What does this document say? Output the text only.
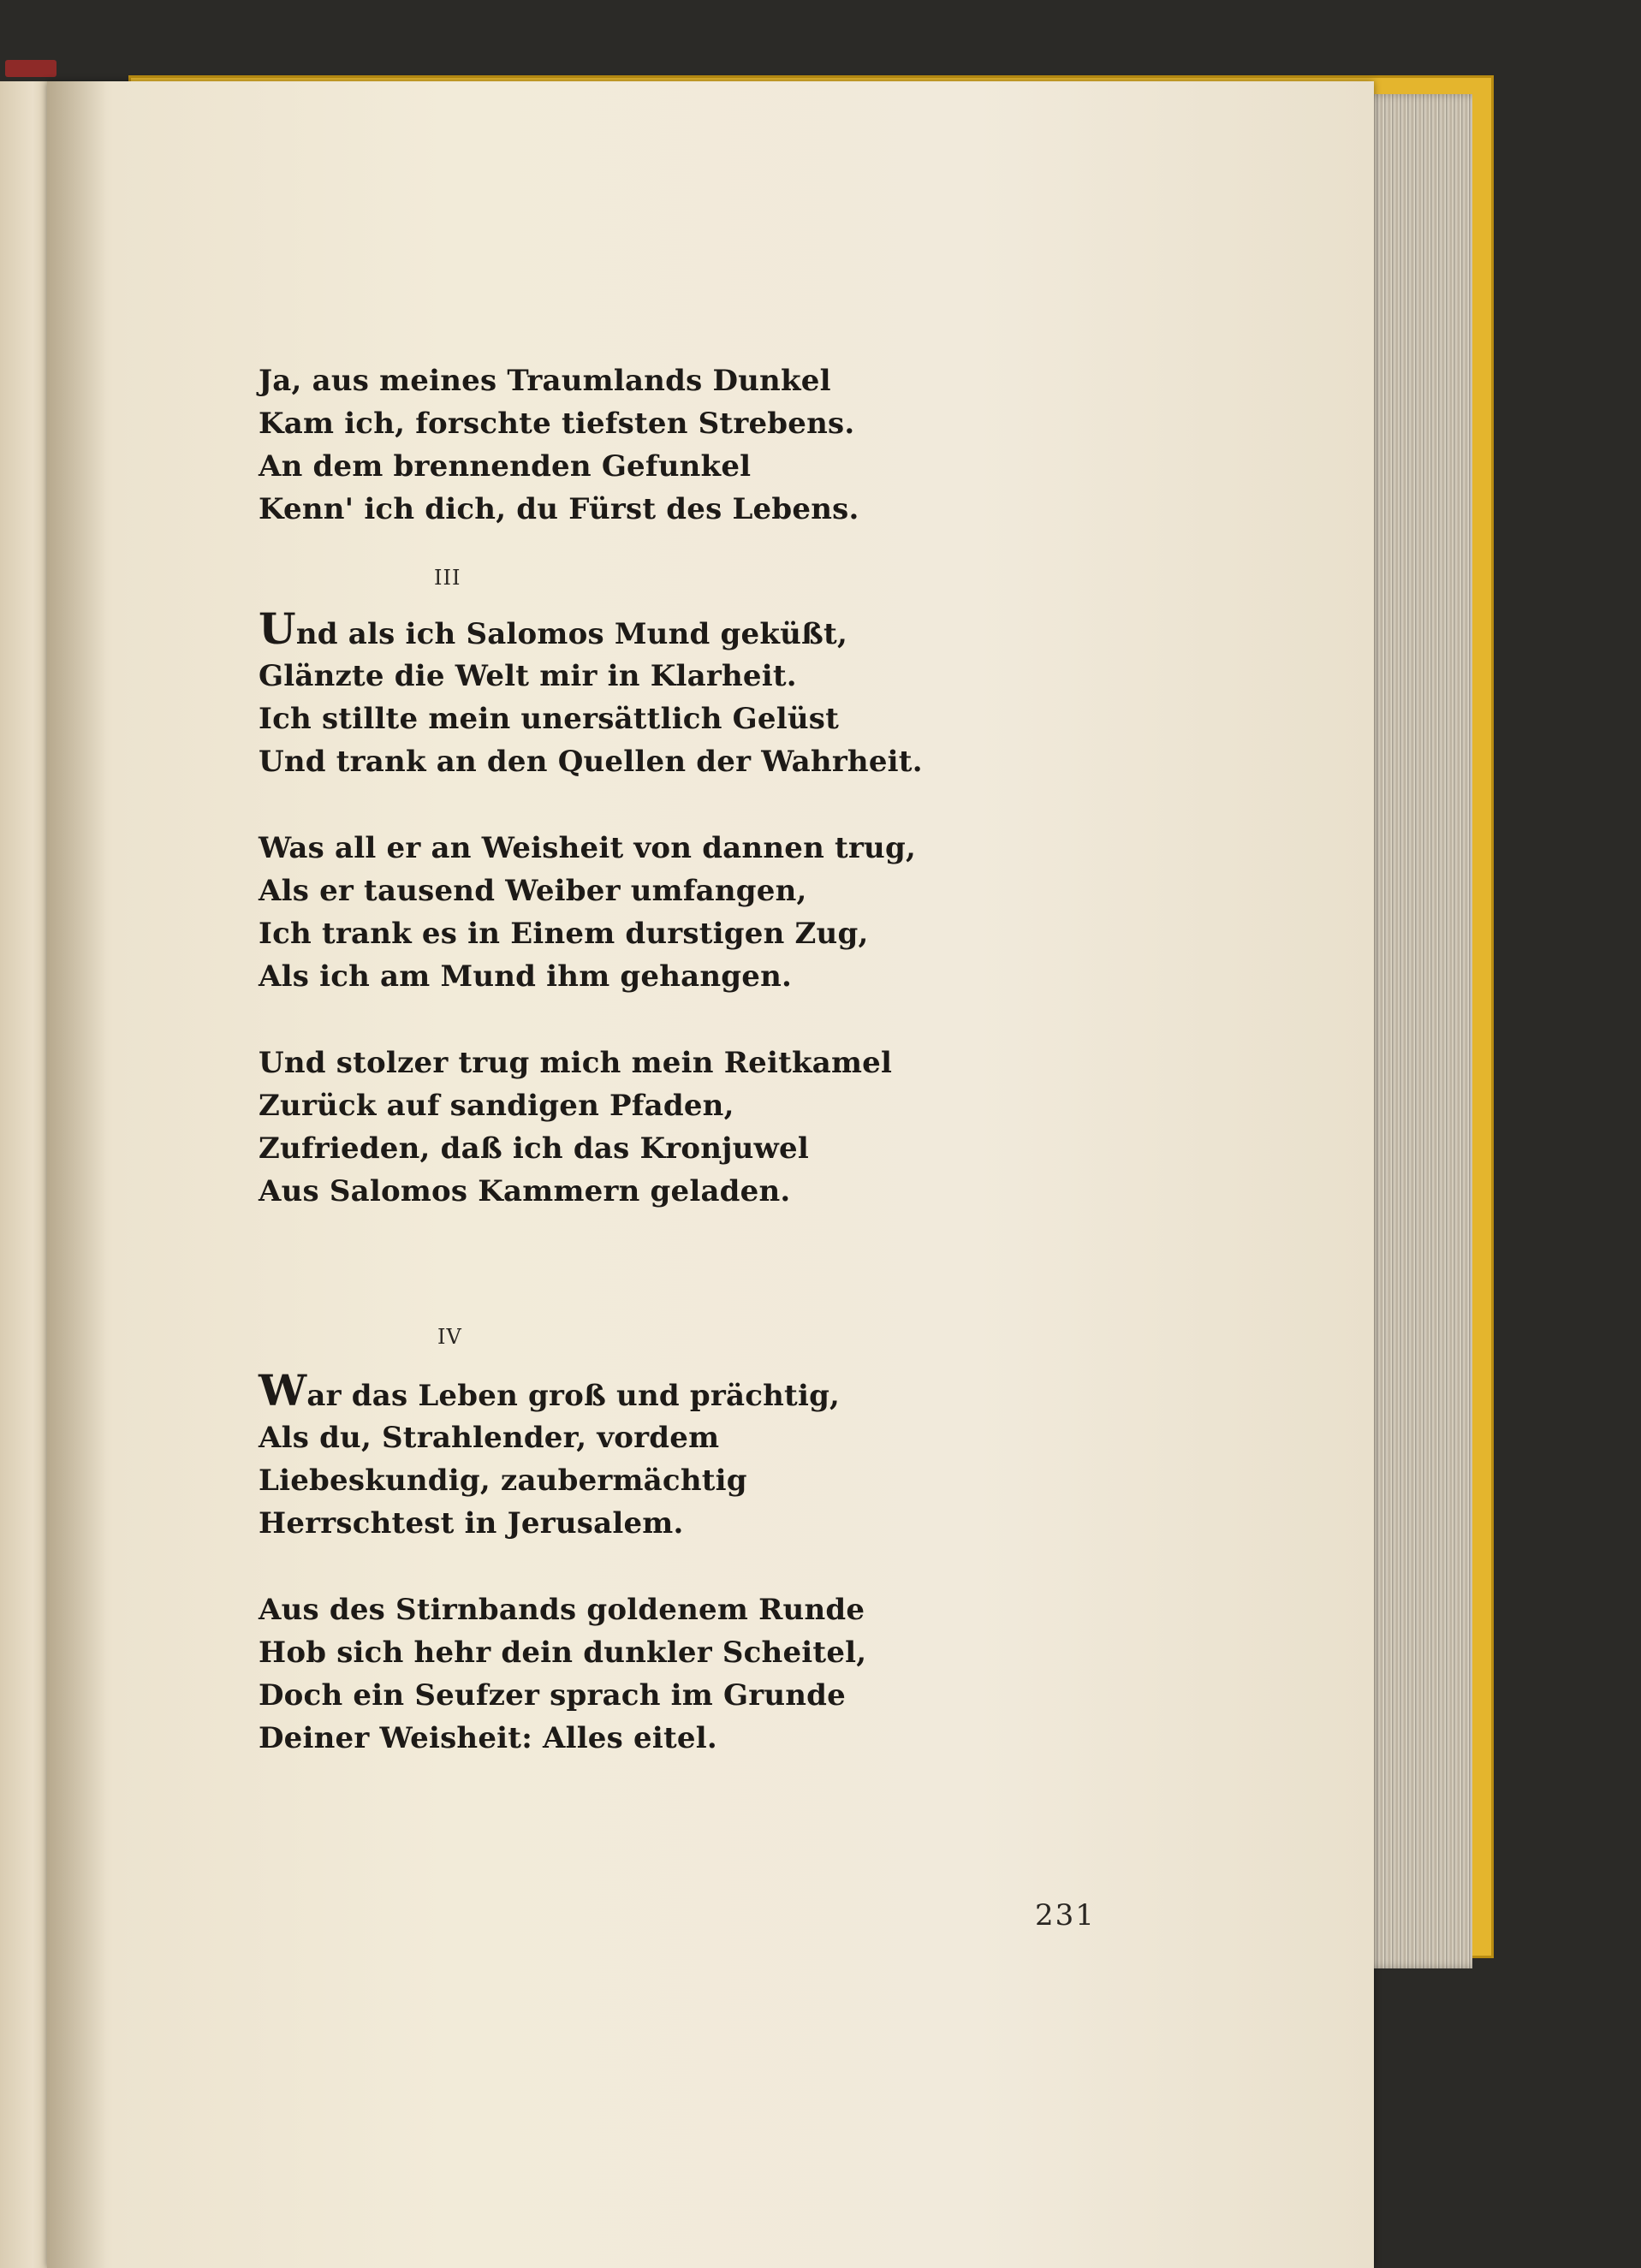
Ja, aus meines Traumlands Dunkel
Kam ich, forschte tiefsten Strebens.
An dem brennenden Gefunkel
Kenn' ich dich, du Fürst des Lebens.
III
Und als ich Salomos Mund geküßt,
Glänzte die Welt mir in Klarheit.
Ich stillte mein unersättlich Gelüst
Und trank an den Quellen der Wahrheit.
Was all er an Weisheit von dannen trug,
Als er tausend Weiber umfangen,
Ich trank es in Einem durstigen Zug,
Als ich am Mund ihm gehangen.
Und stolzer trug mich mein Reitkamel
Zurück auf sandigen Pfaden,
Zufrieden, daß ich das Kronjuwel
Aus Salomos Kammern geladen.
IV
War das Leben groß und prächtig,
Als du, Strahlender, vordem
Liebeskundig, zaubermächtig
Herrschtest in Jerusalem.
Aus des Stirnbands goldenem Runde
Hob sich hehr dein dunkler Scheitel,
Doch ein Seufzer sprach im Grunde
Deiner Weisheit: Alles eitel.
231
